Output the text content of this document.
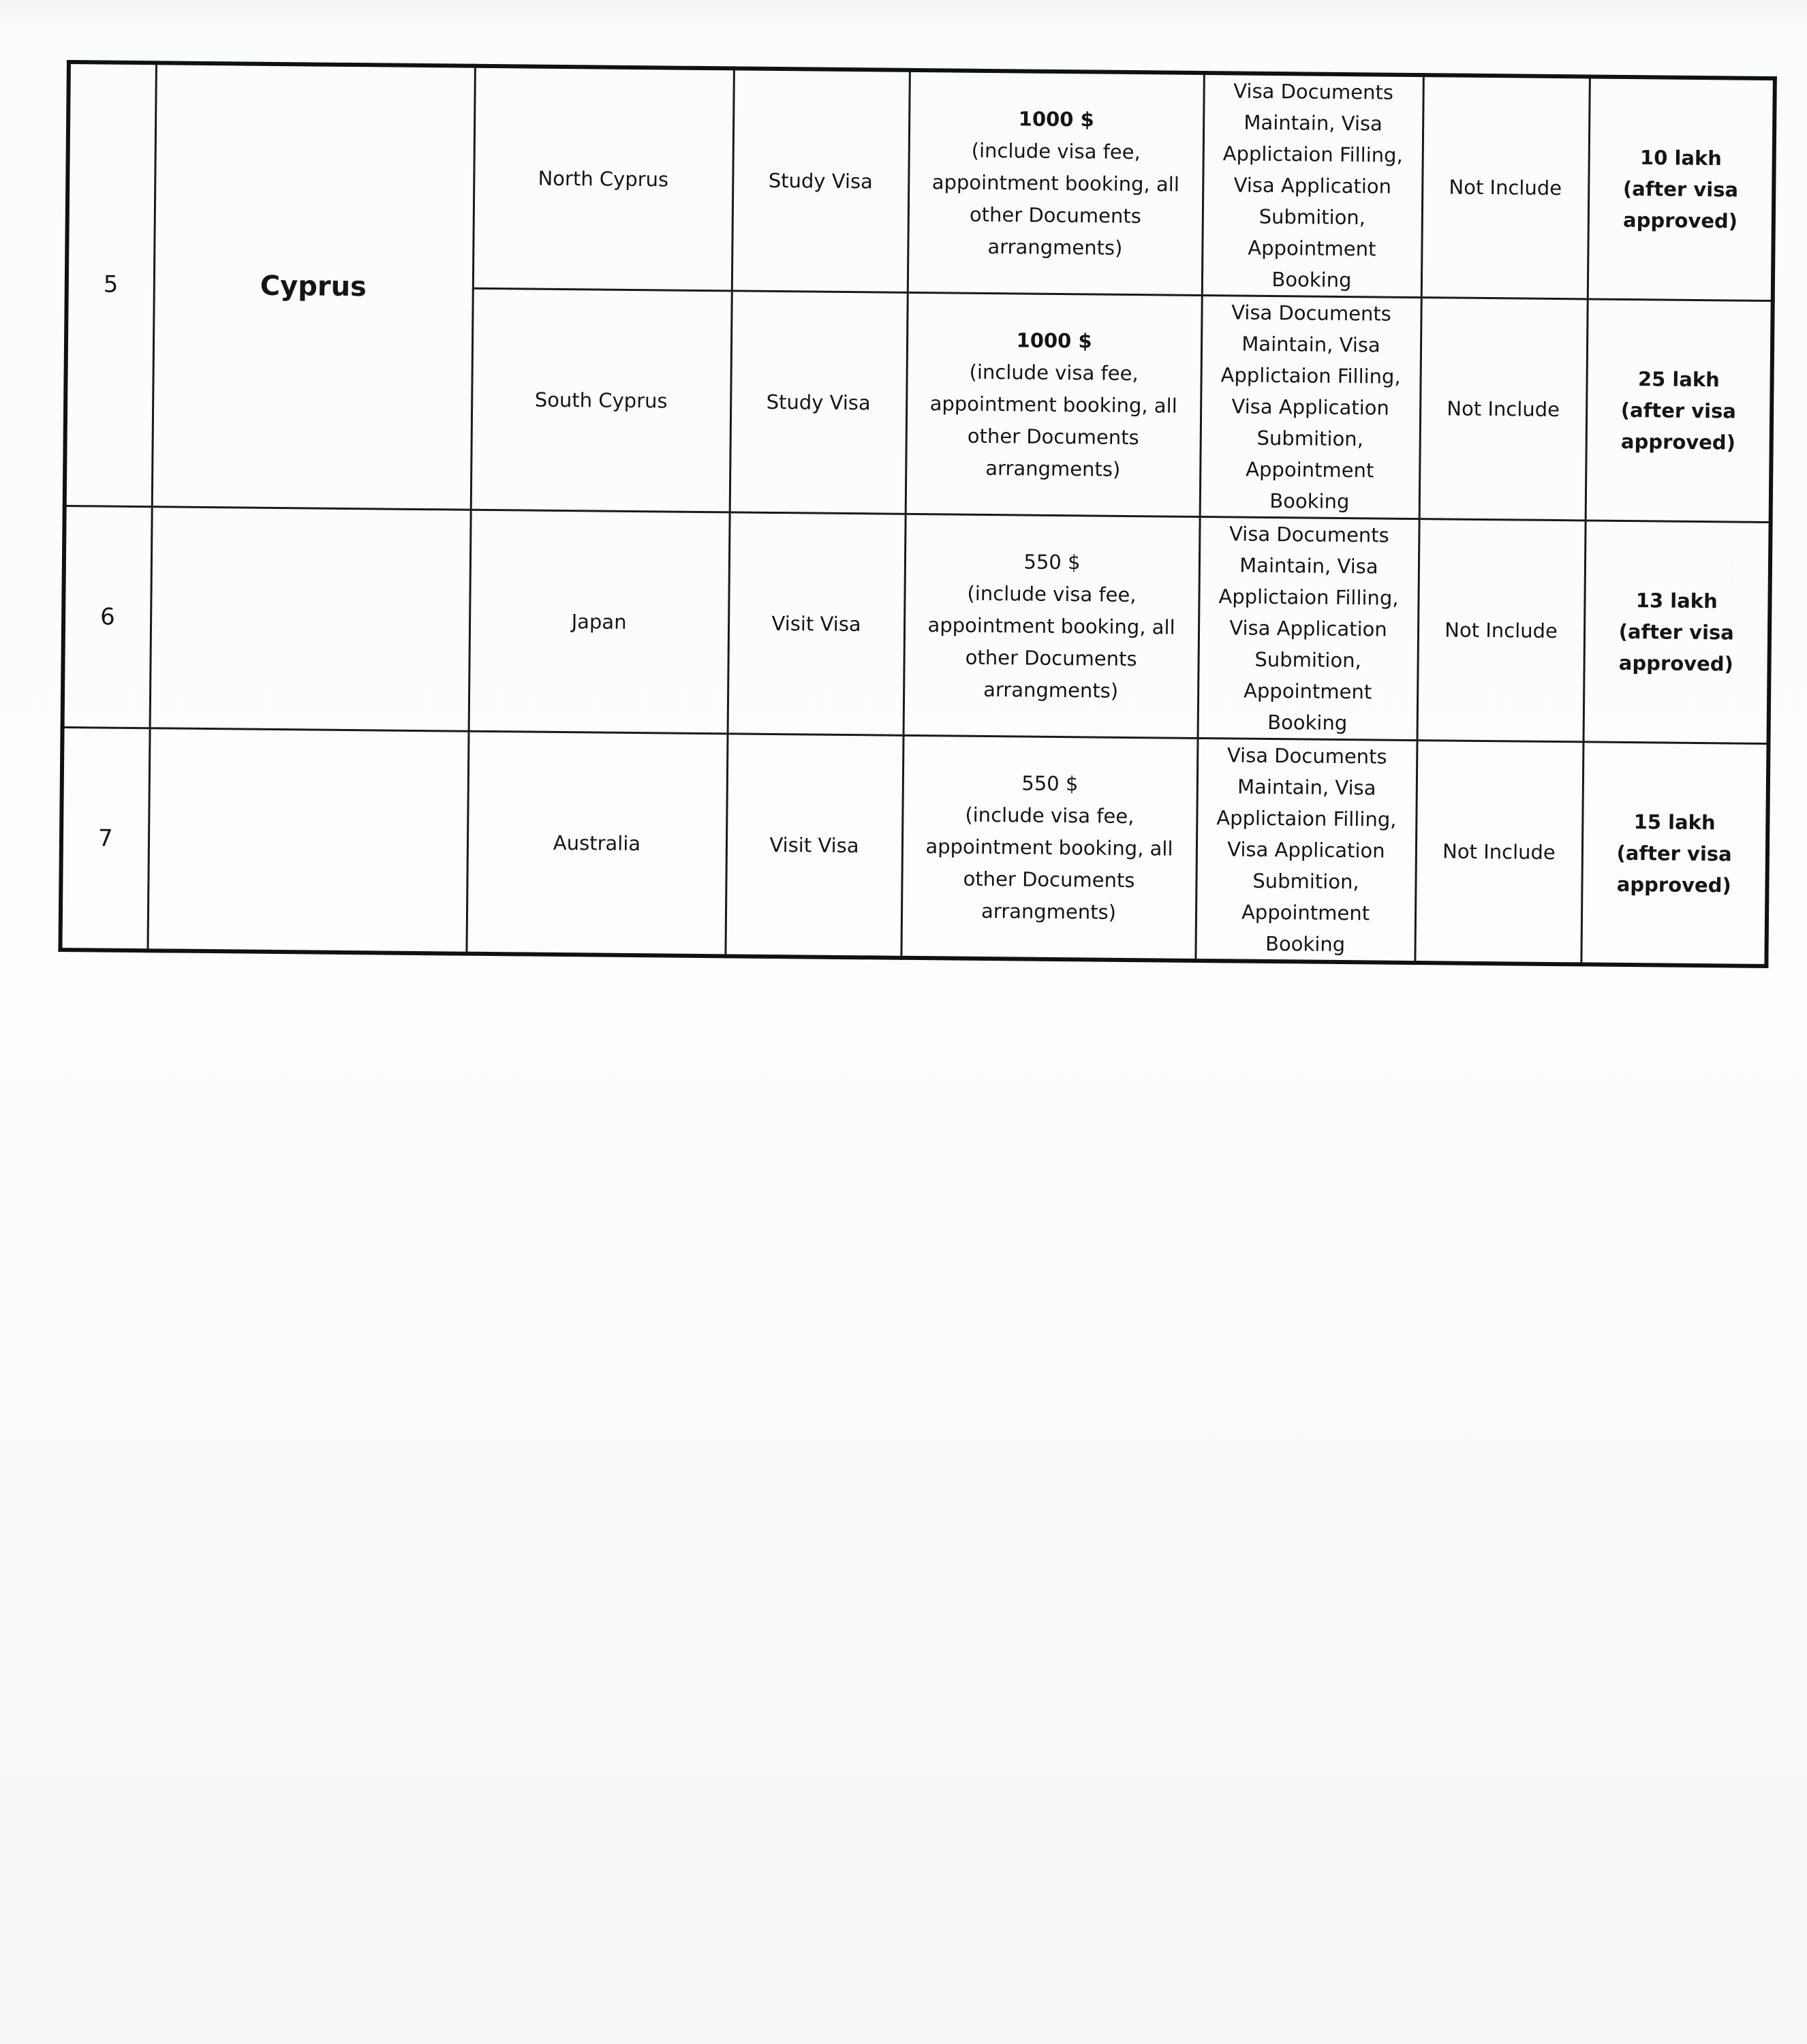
5	Cyprus	North Cyprus	Study Visa	1000 $
(include visa fee,
appointment booking, all
other Documents
arrangments)	Visa Documents Maintain, Visa Applictaion Filling, Visa Application Submition, Appointment Booking	Not Include	10 lakh
(after visa approved)

		South Cyprus	Study Visa	1000 $
(include visa fee,
appointment booking, all
other Documents
arrangments)	Visa Documents Maintain, Visa Applictaion Filling, Visa Application Submition, Appointment Booking	Not Include	25 lakh
(after visa approved)

6		Japan	Visit Visa	550 $
(include visa fee,
appointment booking, all
other Documents
arrangments)	Visa Documents Maintain, Visa Applictaion Filling, Visa Application Submition, Appointment Booking	Not Include	13 lakh
(after visa approved)

7		Australia	Visit Visa	550 $
(include visa fee,
appointment booking, all
other Documents
arrangments)	Visa Documents Maintain, Visa Applictaion Filling, Visa Application Submition, Appointment Booking	Not Include	15 lakh
(after visa approved)
